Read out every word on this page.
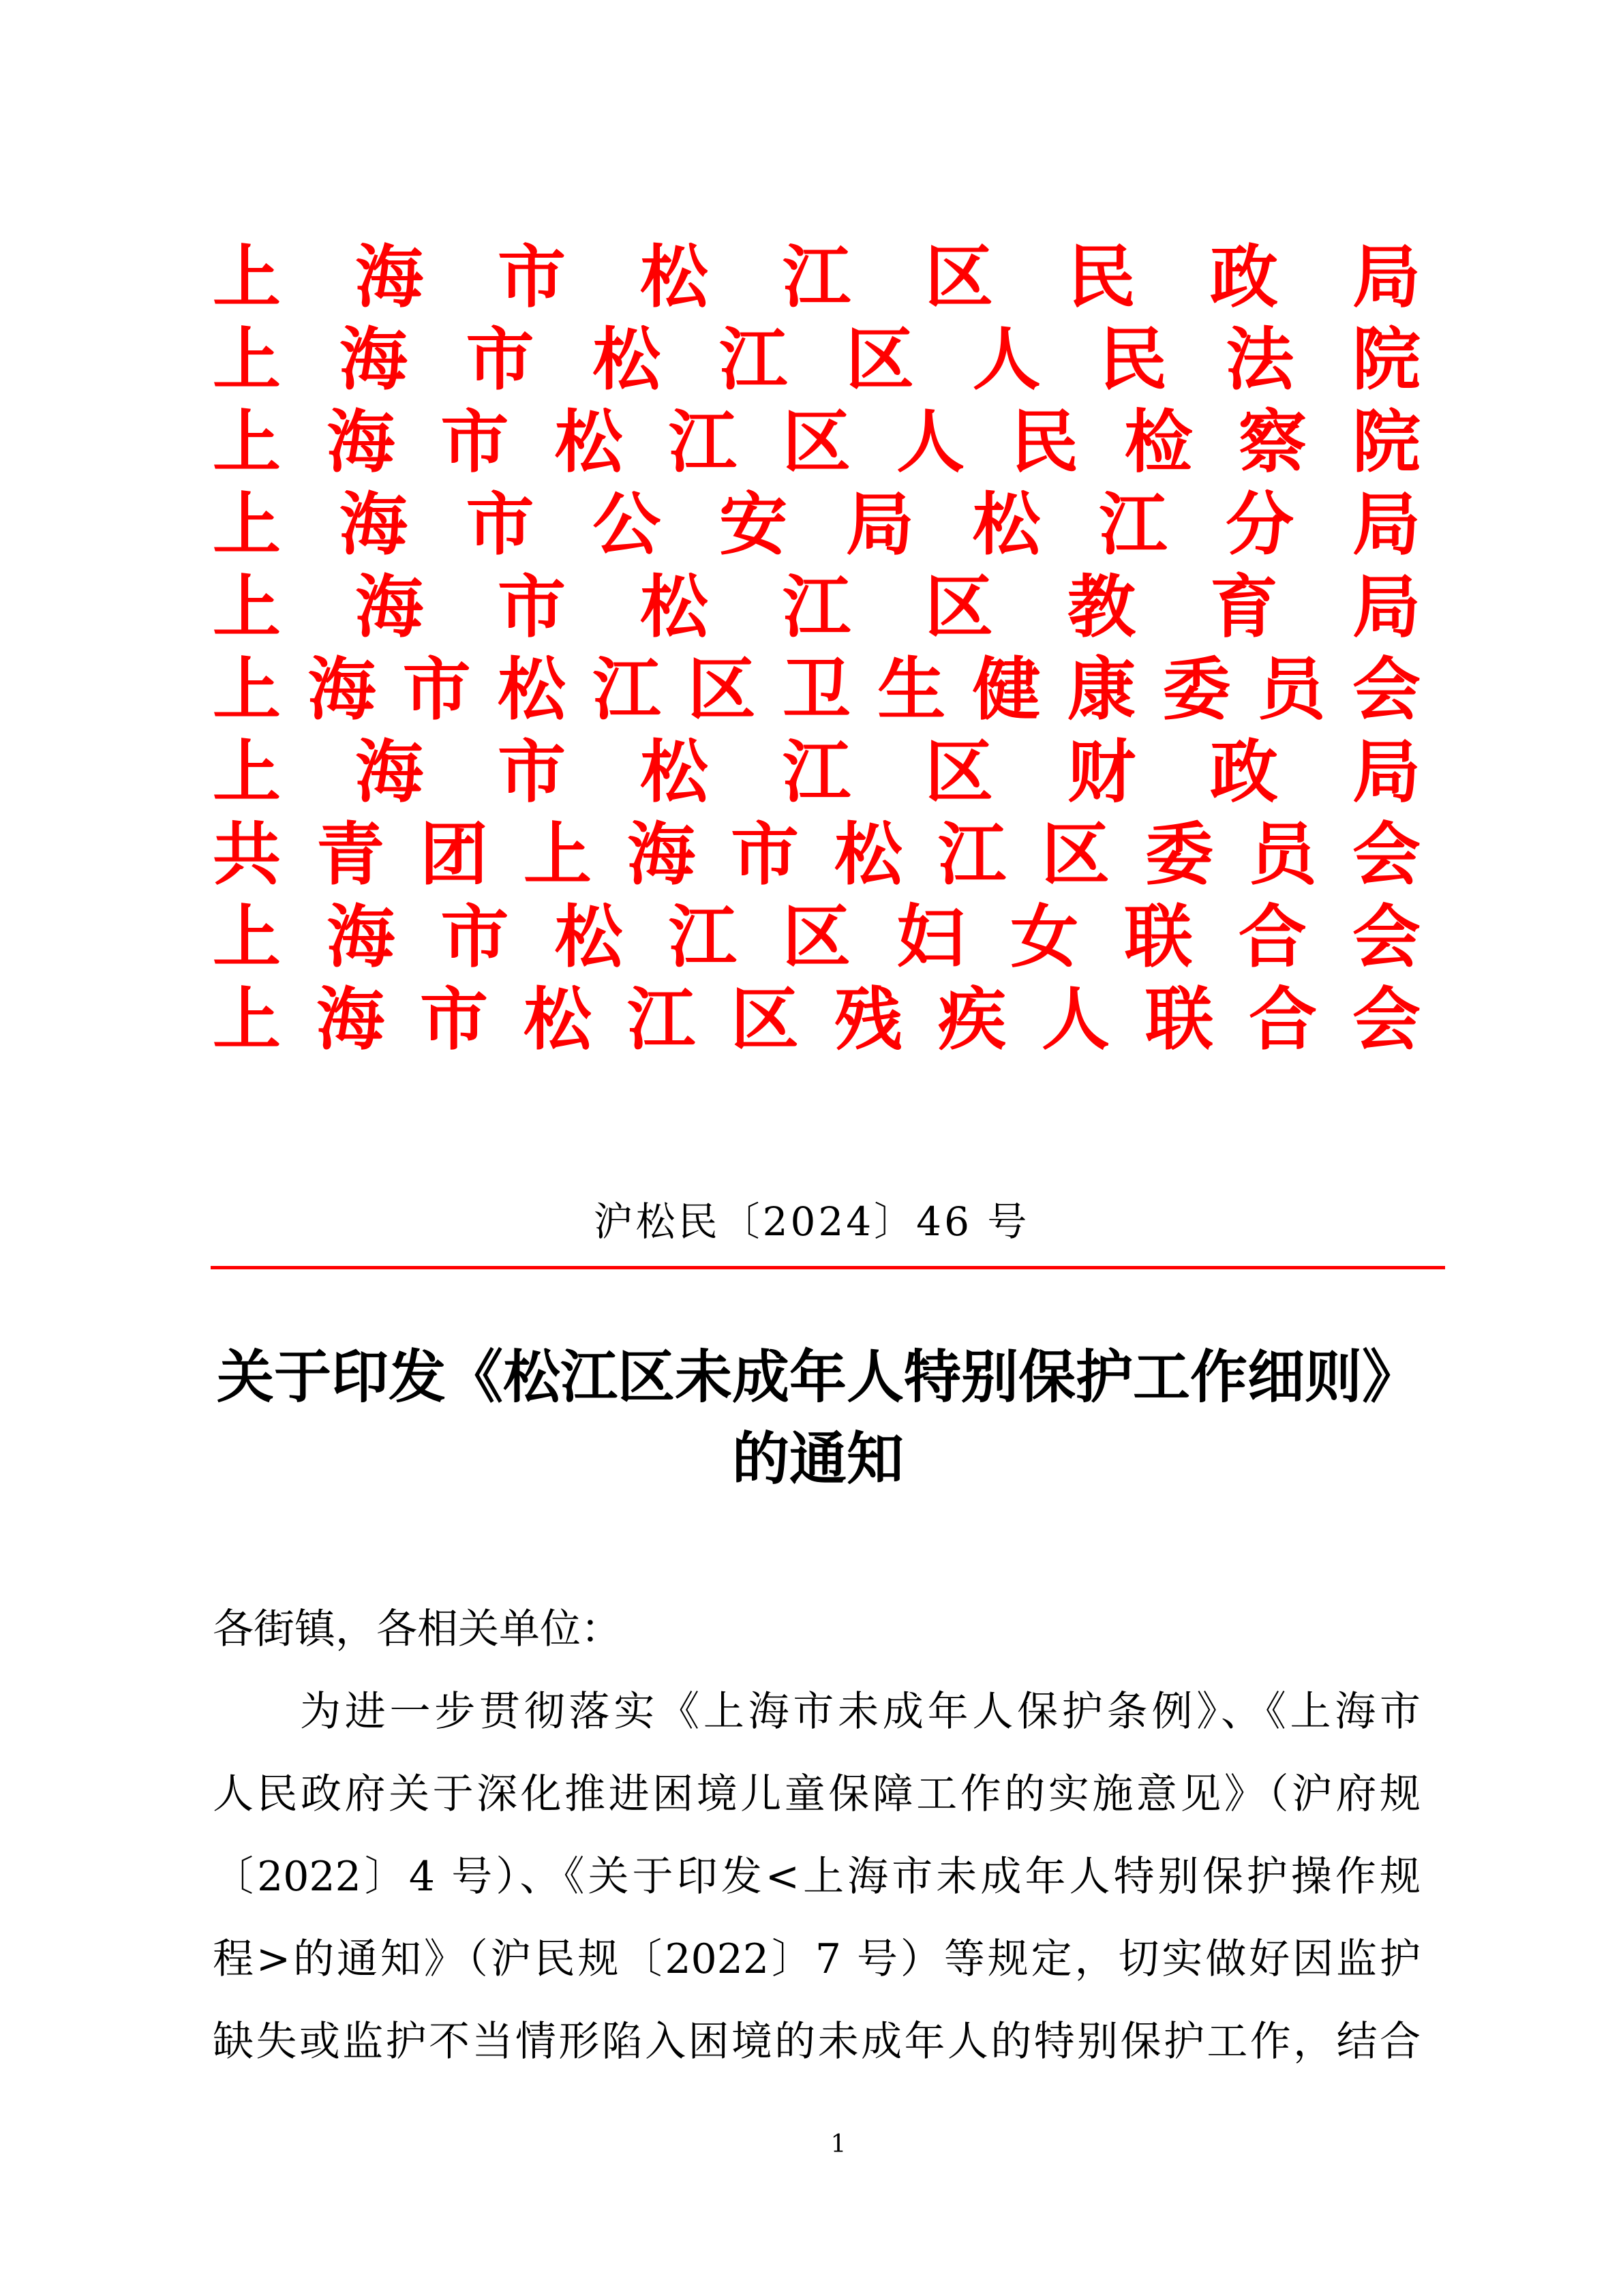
上 海 市 松 江 区 民 政 局
上 海 市 松 江 区 人 民 法 院
上 海 市 松 江 区 人 民 检 察 院
上 海 市 公 安 局 松 江 分 局
上 海 市 松 江 区 教 育 局
上 海 市 松 江 区 卫 生 健 康 委 员 会
上 海 市 松 江 区 财 政 局
共 青 团 上 海 市 松 江 区 委 员 会
上 海 市 松 江 区 妇 女 联 合 会
上 海 市 松 江 区 残 疾 人 联 合 会
沪松民〔2024〕46 号
关于印发《松江区未成年人特别保护工作细则》
的通知
各街镇，各相关单位：
为进一步贯彻落实《上海市未成年人保护条例》、《上海市
人民政府关于深化推进困境儿童保障工作的实施意见》（沪府规
〔2022〕4 号）、《关于印发<上海市未成年人特别保护操作规
程>的通知》（沪民规〔2022〕7 号）等规定，切实做好因监护
缺失或监护不当情形陷入困境的未成年人的特别保护工作，结合
1
